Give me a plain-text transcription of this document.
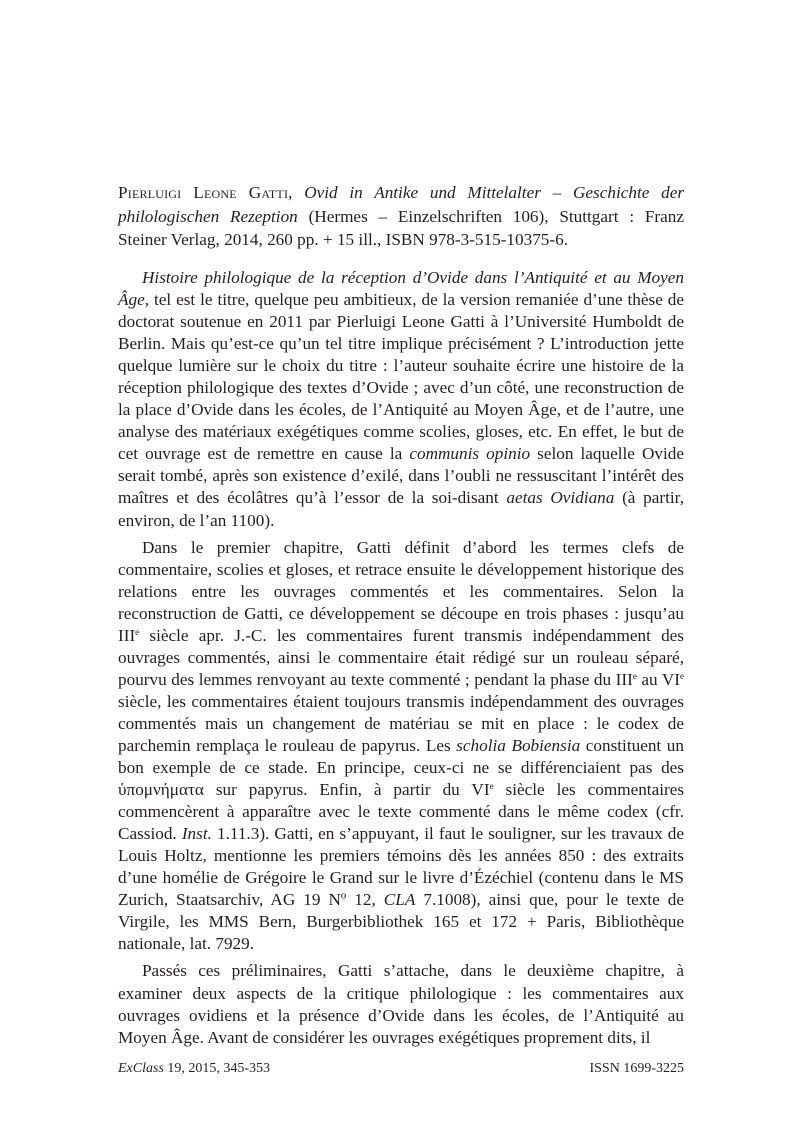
Pierluigi Leone Gatti, Ovid in Antike und Mittelalter – Geschichte der philologischen Rezeption (Hermes – Einzelschriften 106), Stuttgart : Franz Steiner Verlag, 2014, 260 pp. + 15 ill., ISBN 978-3-515-10375-6.

Histoire philologique de la réception d’Ovide dans l’Antiquité et au Moyen Âge, tel est le titre, quelque peu ambitieux, de la version remaniée d’une thèse de doctorat soutenue en 2011 par Pierluigi Leone Gatti à l’Université Humboldt de Berlin. Mais qu’est-ce qu’un tel titre implique précisément ? L’introduction jette quelque lumière sur le choix du titre : l’auteur souhaite écrire une histoire de la réception philologique des textes d’Ovide ; avec d’un côté, une reconstruction de la place d’Ovide dans les écoles, de l’Antiquité au Moyen Âge, et de l’autre, une analyse des matériaux exégétiques comme scolies, gloses, etc. En effet, le but de cet ouvrage est de remettre en cause la communis opinio selon laquelle Ovide serait tombé, après son existence d’exilé, dans l’oubli ne ressuscitant l’intérêt des maîtres et des écolâtres qu’à l’essor de la soi-disant aetas Ovidiana (à partir, environ, de l’an 1100).

Dans le premier chapitre, Gatti définit d’abord les termes clefs de commentaire, scolies et gloses, et retrace ensuite le développement historique des relations entre les ouvrages commentés et les commentaires. Selon la reconstruction de Gatti, ce développement se découpe en trois phases : jusqu’au IIIe siècle apr. J.-C. les commentaires furent transmis indépendamment des ouvrages commentés, ainsi le commentaire était rédigé sur un rouleau séparé, pourvu des lemmes renvoyant au texte commenté ; pendant la phase du IIIe au VIe siècle, les commentaires étaient toujours transmis indépendamment des ouvrages commentés mais un changement de matériau se mit en place : le codex de parchemin remplaça le rouleau de papyrus. Les scholia Bobiensia constituent un bon exemple de ce stade. En principe, ceux-ci ne se différenciaient pas des ὑπομνήματα sur papyrus. Enfin, à partir du VIe siècle les commentaires commencèrent à apparaître avec le texte commenté dans le même codex (cfr. Cassiod. Inst. 1.11.3). Gatti, en s’appuyant, il faut le souligner, sur les travaux de Louis Holtz, mentionne les premiers témoins dès les années 850 : des extraits d’une homélie de Grégoire le Grand sur le livre d’Ézéchiel (contenu dans le MS Zurich, Staatsarchiv, AG 19 Nº 12, CLA 7.1008), ainsi que, pour le texte de Virgile, les MMS Bern, Burgerbibliothek 165 et 172 + Paris, Bibliothèque nationale, lat. 7929.

Passés ces préliminaires, Gatti s’attache, dans le deuxième chapitre, à examiner deux aspects de la critique philologique : les commentaires aux ouvrages ovidiens et la présence d’Ovide dans les écoles, de l’Antiquité au Moyen Âge. Avant de considérer les ouvrages exégétiques proprement dits, il

ExClass 19, 2015, 345-353	ISSN 1699-3225
